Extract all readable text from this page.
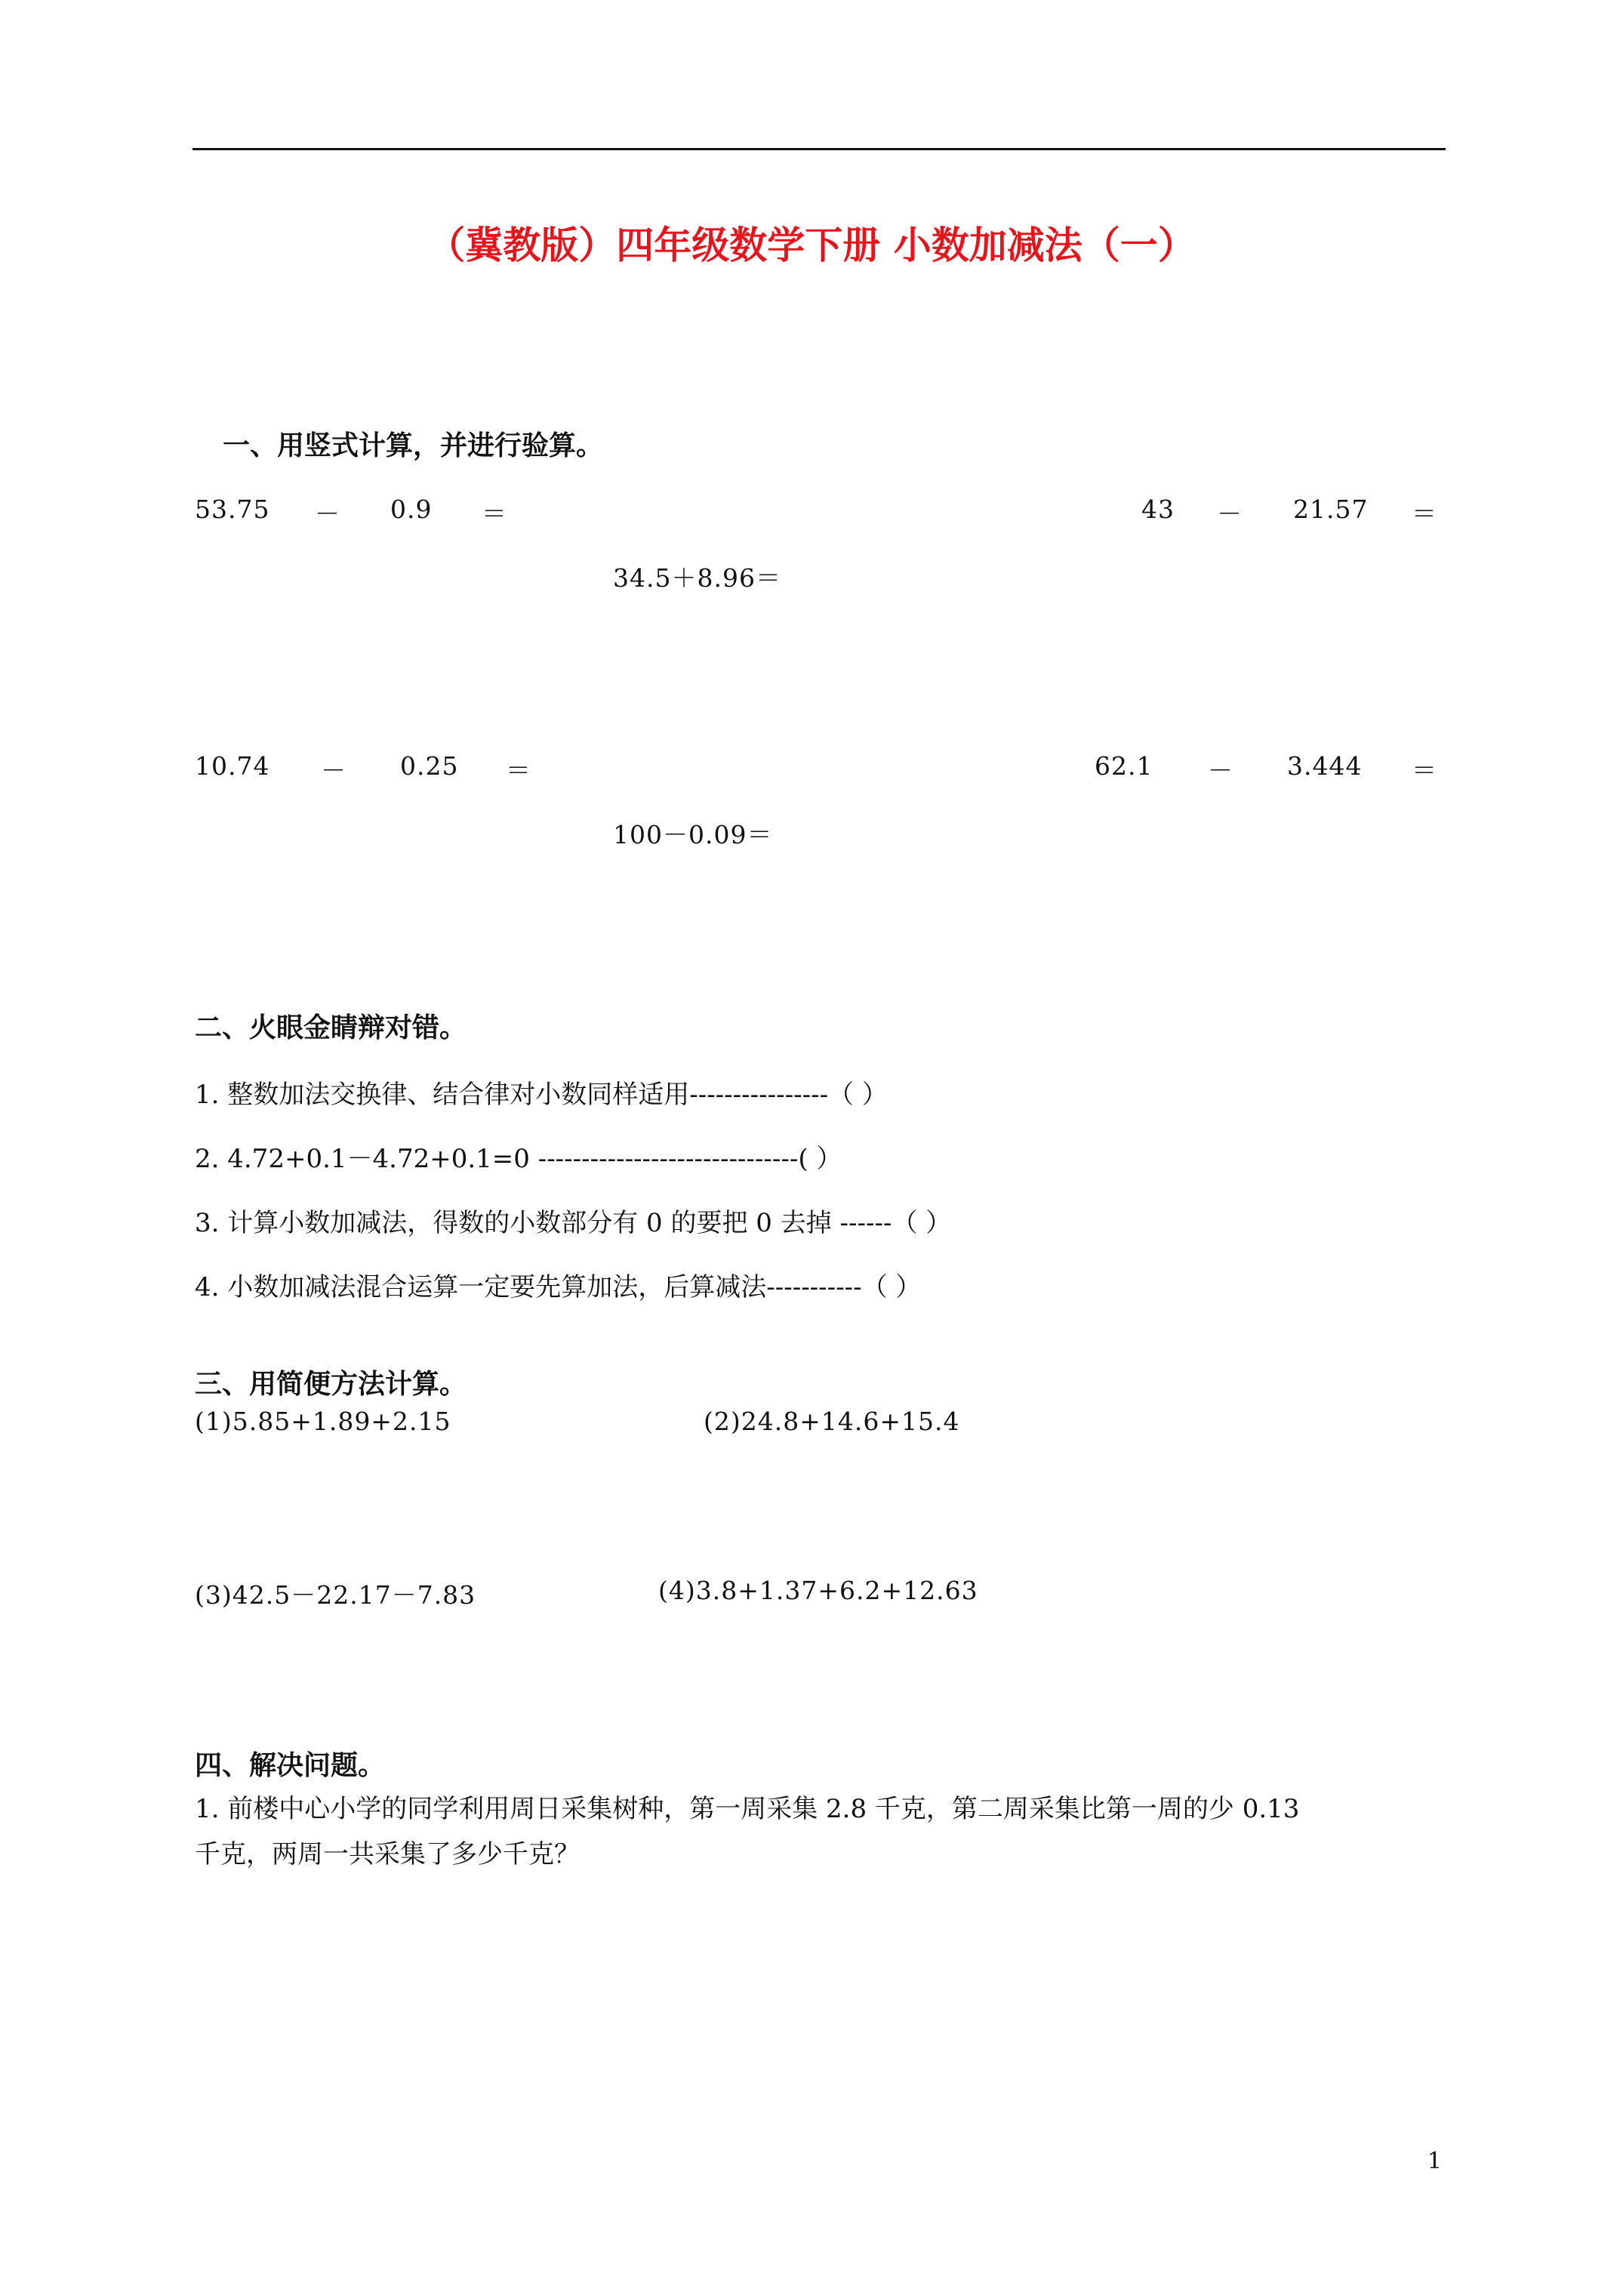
（冀教版）四年级数学下册 小数加减法（一）
一、用竖式计算，并进行验算。
53.75 － 0.9 ＝	43 － 21.57 ＝
34.5＋8.96＝
10.74 － 0.25 ＝	62.1 － 3.444 ＝
100－0.09＝
二、火眼金睛辩对错。
1. 整数加法交换律、结合律对小数同样适用----------------（ ）
2. 4.72+0.1－4.72+0.1=0 ------------------------------( ）
3. 计算小数加减法，得数的小数部分有 0 的要把 0 去掉 ------（ ）
4. 小数加减法混合运算一定要先算加法，后算减法-----------（ ）
三、用简便方法计算。
(1)5.85+1.89+2.15	(2)24.8+14.6+15.4
(3)42.5－22.17－7.83	(4)3.8+1.37+6.2+12.63
四、解决问题。
1. 前楼中心小学的同学利用周日采集树种，第一周采集 2.8 千克，第二周采集比第一周的少 0.13
千克，两周一共采集了多少千克？
1
